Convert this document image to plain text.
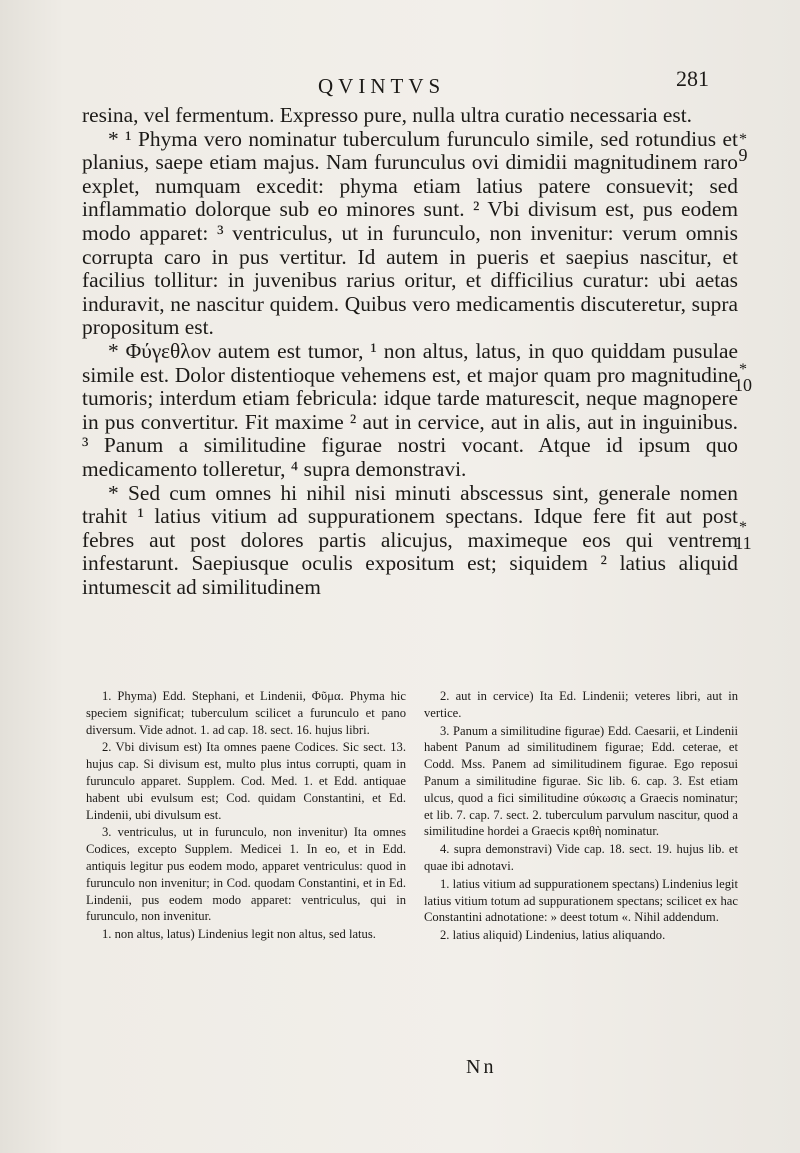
QVINTVS	281

resina, vel fermentum. Expresso pure, nulla ultra curatio necessaria est.

* ¹ Phyma vero nominatur tuberculum furunculo simile, sed rotundius et planius, saepe etiam majus. Nam furunculus ovi dimidii magnitudinem raro explet, numquam excedit: phyma etiam latius patere consuevit; sed inflammatio dolorque sub eo minores sunt. ² Vbi divisum est, pus eodem modo apparet: ³ ventriculus, ut in furunculo, non invenitur: verum omnis corrupta caro in pus vertitur. Id autem in pueris et saepius nascitur, et facilius tollitur: in juvenibus rarius oritur, et difficilius curatur: ubi aetas induravit, ne nascitur quidem. Quibus vero medicamentis discuteretur, supra propositum est.

* Φύγεθλον autem est tumor, ¹ non altus, latus, in quo quiddam pusulae simile est. Dolor distentioque vehemens est, et major quam pro magnitudine tumoris; interdum etiam febricula: idque tarde maturescit, neque magnopere in pus convertitur. Fit maxime ² aut in cervice, aut in alis, aut in inguinibus. ³ Panum a similitudine figurae nostri vocant. Atque id ipsum quo medicamento tolleretur, ⁴ supra demonstravi.

* Sed cum omnes hi nihil nisi minuti abscessus sint, generale nomen trahit ¹ latius vitium ad suppurationem spectans. Idque fere fit aut post febres aut post dolores partis alicujus, maximeque eos qui ventrem infestarunt. Saepiusque oculis expositum est; siquidem ² latius aliquid intumescit ad similitudinem

*
9
*
10
*
11

1. Phyma) Edd. Stephani, et Lindenii, Φῦμα. Phyma hic speciem significat; tuberculum scilicet a furunculo et pano diversum. Vide adnot. 1. ad cap. 18. sect. 16. hujus libri.

2. Vbi divisum est) Ita omnes paene Codices. Sic sect. 13. hujus cap. Si divisum est, multo plus intus corrupti, quam in furunculo apparet. Supplem. Cod. Med. 1. et Edd. antiquae habent ubi evulsum est; Cod. quidam Constantini, et Ed. Lindenii, ubi divulsum est.

3. ventriculus, ut in furunculo, non invenitur) Ita omnes Codices, excepto Supplem. Medicei 1. In eo, et in Edd. antiquis legitur pus eodem modo, apparet ventriculus: quod in furunculo non invenitur; in Cod. quodam Constantini, et in Ed. Lindenii, pus eodem modo apparet: ventriculus, qui in furunculo, non invenitur.

1. non altus, latus) Lindenius legit non altus, sed latus.

2. aut in cervice) Ita Ed. Lindenii; veteres libri, aut in vertice.

3. Panum a similitudine figurae) Edd. Caesarii, et Lindenii habent Panum ad similitudinem figurae; Edd. ceterae, et Codd. Mss. Panem ad similitudinem figurae. Ego reposui Panum a similitudine figurae. Sic lib. 6. cap. 3. Est etiam ulcus, quod a fici similitudine σύκωσις a Graecis nominatur; et lib. 7. cap. 7. sect. 2. tuberculum parvulum nascitur, quod a similitudine hordei a Graecis κριθὴ nominatur.

4. supra demonstravi) Vide cap. 18. sect. 19. hujus lib. et quae ibi adnotavi.

1. latius vitium ad suppurationem spectans) Lindenius legit latius vitium totum ad suppurationem spectans; scilicet ex hac Constantini adnotatione: » deest totum «. Nihil addendum.

2. latius aliquid) Lindenius, latius aliquando.

Nn
